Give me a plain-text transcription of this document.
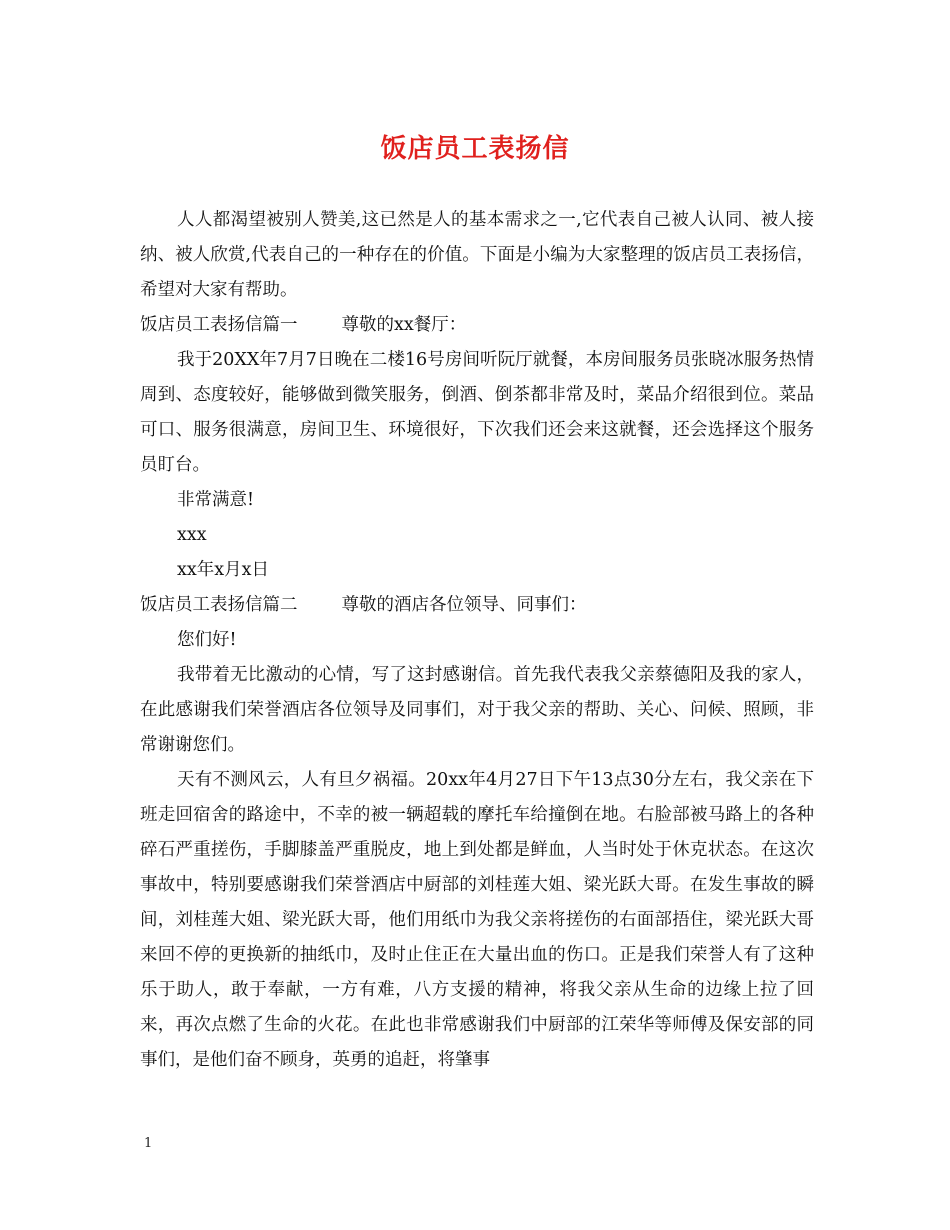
饭店员工表扬信

人人都渴望被别人赞美,这已然是人的基本需求之一,它代表自己被人认同、被人接纳、被人欣赏,代表自己的一种存在的价值。下面是小编为大家整理的饭店员工表扬信，希望对大家有帮助。

饭店员工表扬信篇一	尊敬的xx餐厅：

我于20XX年7月7日晚在二楼16号房间听阮厅就餐，本房间服务员张晓冰服务热情周到、态度较好，能够做到微笑服务，倒酒、倒茶都非常及时，菜品介绍很到位。菜品可口、服务很满意，房间卫生、环境很好，下次我们还会来这就餐，还会选择这个服务员盯台。

非常满意!

xxx

xx年x月x日

饭店员工表扬信篇二	尊敬的酒店各位领导、同事们：

您们好!

我带着无比激动的心情，写了这封感谢信。首先我代表我父亲蔡德阳及我的家人，在此感谢我们荣誉酒店各位领导及同事们，对于我父亲的帮助、关心、问候、照顾，非常谢谢您们。

天有不测风云，人有旦夕祸福。20xx年4月27日下午13点30分左右，我父亲在下班走回宿舍的路途中，不幸的被一辆超载的摩托车给撞倒在地。右脸部被马路上的各种碎石严重搓伤，手脚膝盖严重脱皮，地上到处都是鲜血，人当时处于休克状态。在这次事故中，特别要感谢我们荣誉酒店中厨部的刘桂莲大姐、梁光跃大哥。在发生事故的瞬间，刘桂莲大姐、梁光跃大哥，他们用纸巾为我父亲将搓伤的右面部捂住，梁光跃大哥来回不停的更换新的抽纸巾，及时止住正在大量出血的伤口。正是我们荣誉人有了这种乐于助人，敢于奉献，一方有难，八方支援的精神，将我父亲从生命的边缘上拉了回来，再次点燃了生命的火花。在此也非常感谢我们中厨部的江荣华等师傅及保安部的同事们，是他们奋不顾身，英勇的追赶，将肇事

1
